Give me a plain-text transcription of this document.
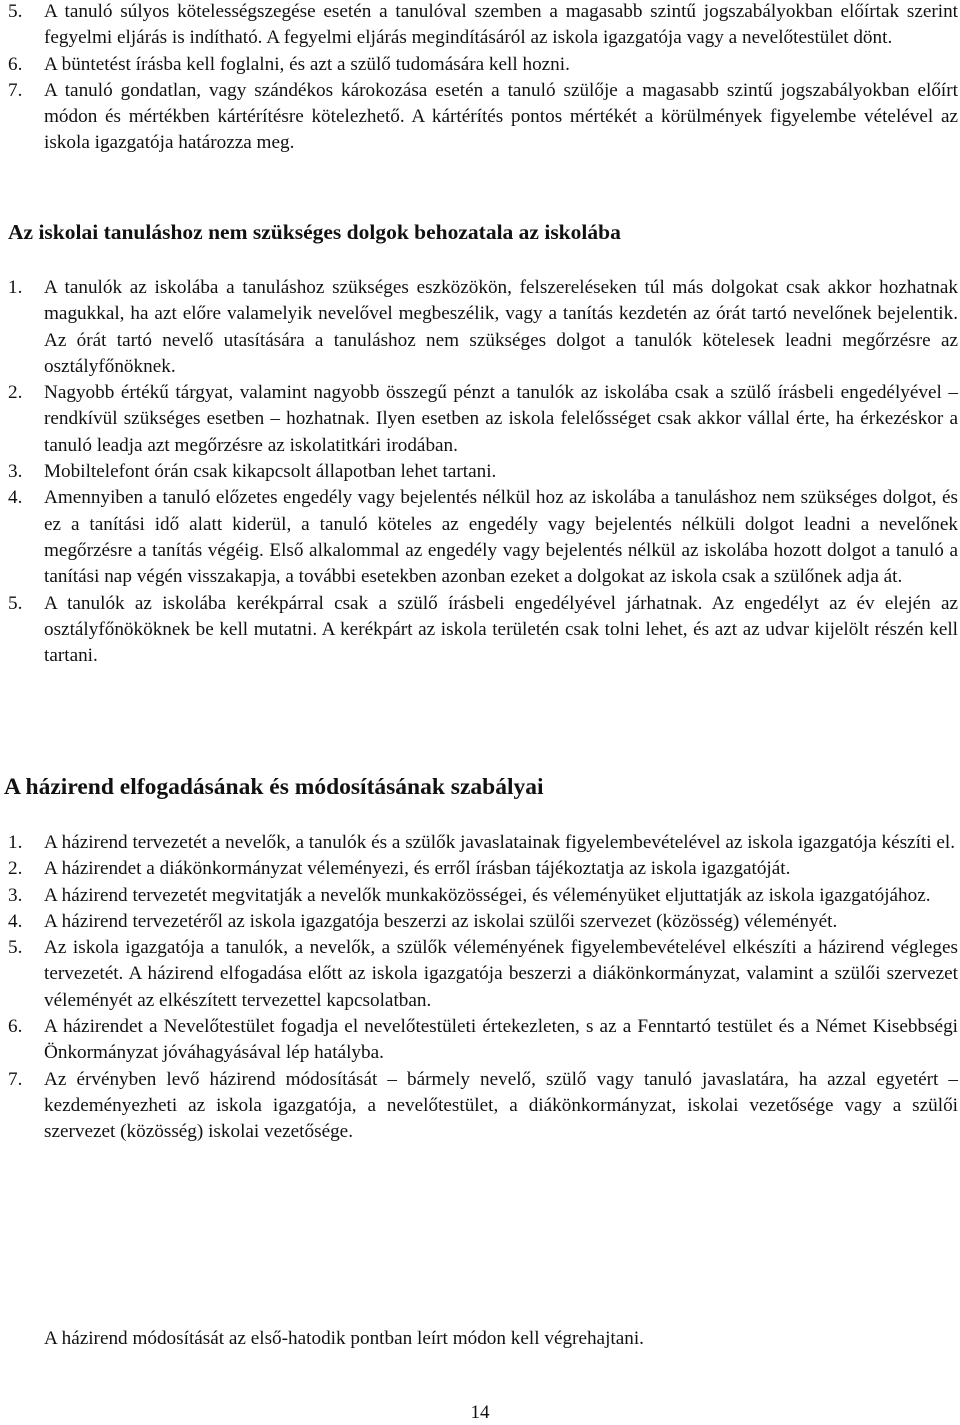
5. A tanuló súlyos kötelességszegése esetén a tanulóval szemben a magasabb szintű jogszabályokban előírtak szerint fegyelmi eljárás is indítható. A fegyelmi eljárás megindításáról az iskola igazgatója vagy a nevelőtestület dönt.
6. A büntetést írásba kell foglalni, és azt a szülő tudomására kell hozni.
7. A tanuló gondatlan, vagy szándékos károkozása esetén a tanuló szülője a magasabb szintű jogszabályokban előírt módon és mértékben kártérítésre kötelezhető. A kártérítés pontos mértékét a körülmények figyelembe vételével az iskola igazgatója határozza meg.
Az iskolai tanuláshoz nem szükséges dolgok behozatala az iskolába
1. A tanulók az iskolába a tanuláshoz szükséges eszközökön, felszereléseken túl más dolgokat csak akkor hozhatnak magukkal, ha azt előre valamelyik nevelővel megbeszélik, vagy a tanítás kezdetén az órát tartó nevelőnek bejelentik. Az órát tartó nevelő utasítására a tanuláshoz nem szükséges dolgot a tanulók kötelesek leadni megőrzésre az osztályfőnöknek.
2. Nagyobb értékű tárgyat, valamint nagyobb összegű pénzt a tanulók az iskolába csak a szülő írásbeli engedélyével – rendkívül szükséges esetben – hozhatnak. Ilyen esetben az iskola felelősséget csak akkor vállal érte, ha érkezéskor a tanuló leadja azt megőrzésre az iskolatitkári irodában.
3. Mobiltelefont órán csak kikapcsolt állapotban lehet tartani.
4. Amennyiben a tanuló előzetes engedély vagy bejelentés nélkül hoz az iskolába a tanuláshoz nem szükséges dolgot, és ez a tanítási idő alatt kiderül, a tanuló köteles az engedély vagy bejelentés nélküli dolgot leadni a nevelőnek megőrzésre a tanítás végéig. Első alkalommal az engedély vagy bejelentés nélkül az iskolába hozott dolgot a tanuló a tanítási nap végén visszakapja, a további esetekben azonban ezeket a dolgokat az iskola csak a szülőnek adja át.
5. A tanulók az iskolába kerékpárral csak a szülő írásbeli engedélyével járhatnak. Az engedélyt az év elején az osztályfőnököknek be kell mutatni. A kerékpárt az iskola területén csak tolni lehet, és azt az udvar kijelölt részén kell tartani.
A házirend elfogadásának és módosításának szabályai
1. A házirend tervezetét a nevelők, a tanulók és a szülők javaslatainak figyelembevételével az iskola igazgatója készíti el.
2. A házirendet a diákönkormányzat véleményezi, és erről írásban tájékoztatja az iskola igazgatóját.
3. A házirend tervezetét megvitatják a nevelők munkaközösségei, és véleményüket eljuttatják az iskola igazgatójához.
4. A házirend tervezetéről az iskola igazgatója beszerzi az iskolai szülői szervezet (közösség) véleményét.
5. Az iskola igazgatója a tanulók, a nevelők, a szülők véleményének figyelembevételével elkészíti a házirend végleges tervezetét. A házirend elfogadása előtt az iskola igazgatója beszerzi a diákönkormányzat, valamint a szülői szervezet véleményét az elkészített tervezettel kapcsolatban.
6. A házirendet a Nevelőtestület fogadja el nevelőtestületi értekezleten, s az a Fenntartó testület és a Német Kisebbségi Önkormányzat jóváhagyásával lép hatályba.
7. Az érvényben levő házirend módosítását – bármely nevelő, szülő vagy tanuló javaslatára, ha azzal egyetért – kezdeményezheti az iskola igazgatója, a nevelőtestület, a diákönkormányzat, iskolai vezetősége vagy a szülői szervezet (közösség) iskolai vezetősége.

A házirend módosítását az első-hatodik pontban leírt módon kell végrehajtani.

14
